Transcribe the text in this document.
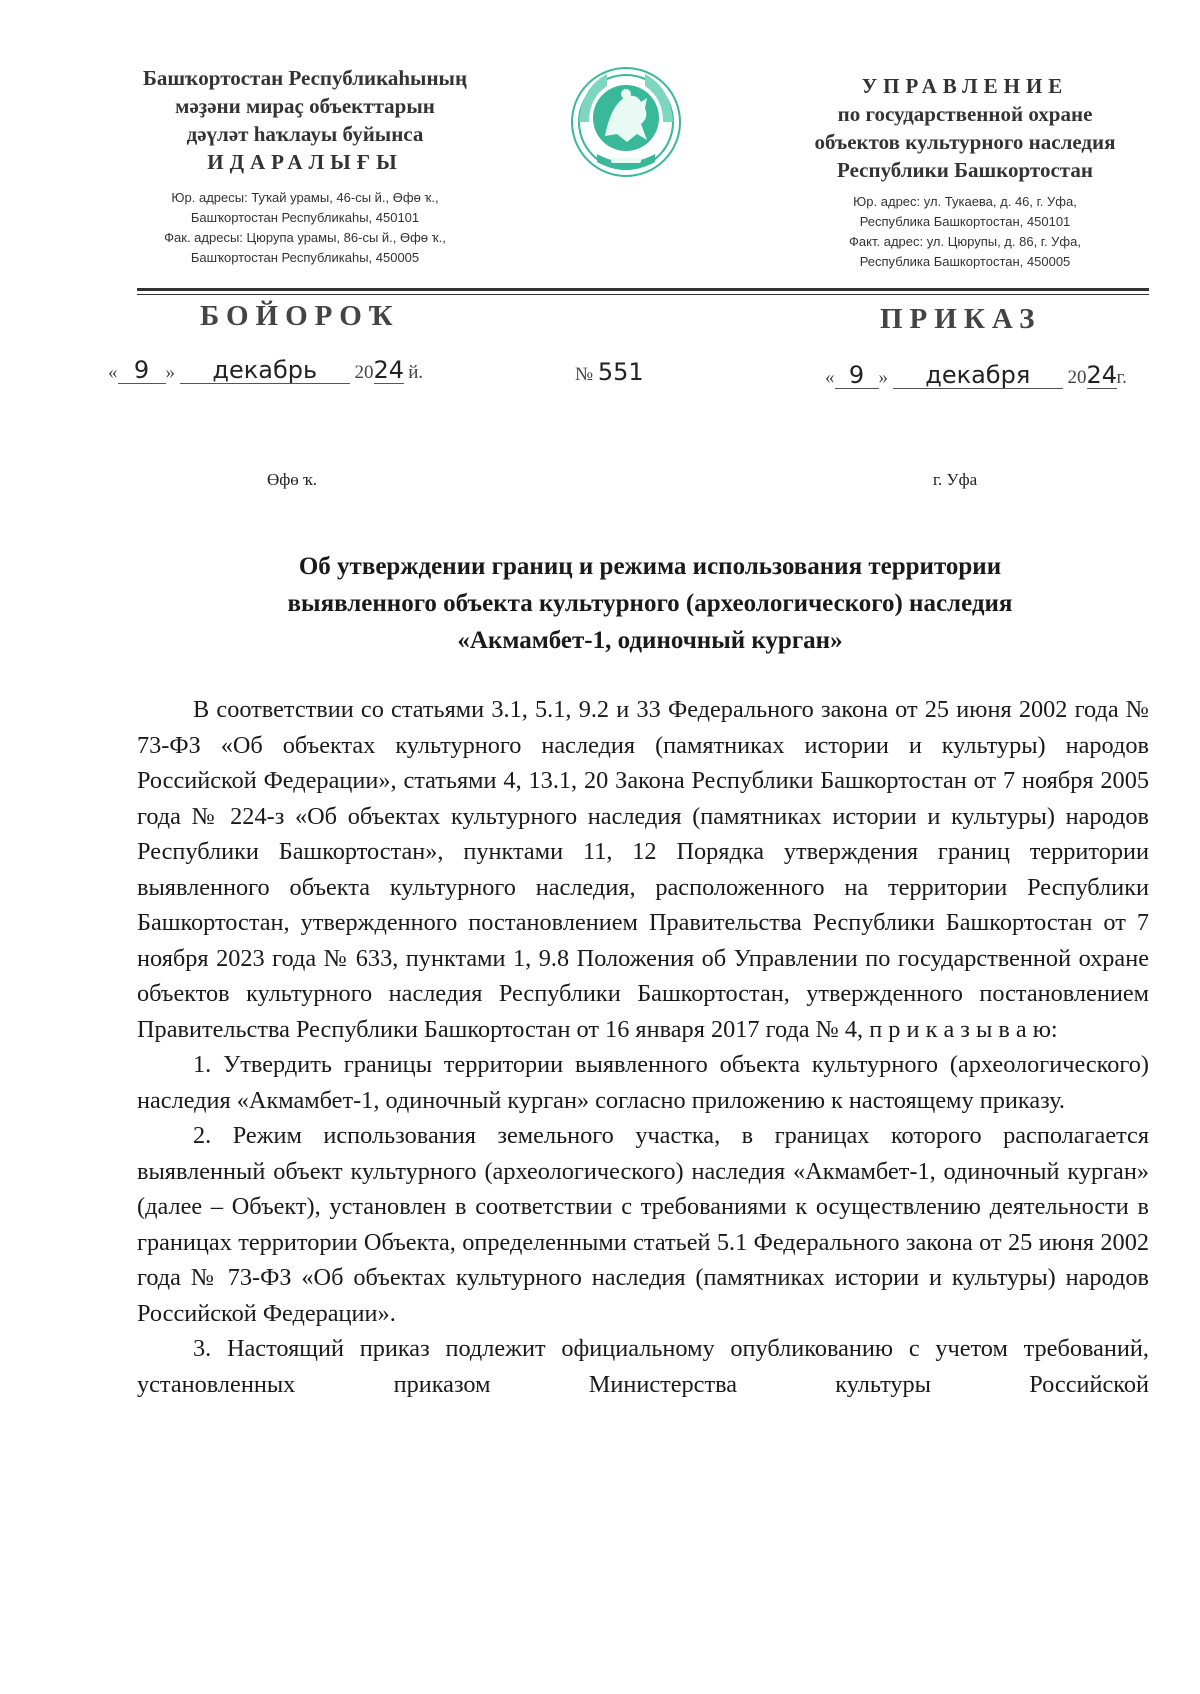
Башҡортостан Республикаһының
мәҙәни мираҫ объекттарын
дәүләт һаҡлауы буйынса
ИДАРАЛЫҒЫ
Юр. адресы: Туҡай урамы, 46-сы й., Өфө ҡ.,
Башҡортостан Республикаһы, 450101
Фак. адресы: Цюрупа урамы, 86-сы й., Өфө ҡ.,
Башҡортостан Республикаһы, 450005
УПРАВЛЕНИЕ
по государственной охране
объектов культурного наследия
Республики Башкортостан
Юр. адрес: ул. Тукаева, д. 46, г. Уфа,
Республика Башкортостан, 450101
Факт. адрес: ул. Цюрупы, д. 86, г. Уфа,
Республика Башкортостан, 450005
БОЙОРОҠ	ПРИКАЗ
« 9 » декабрь 2024 й.	№ 551	« 9 » декабря 2024г.
Өфө ҡ.	г. Уфа
Об утверждении границ и режима использования территории
выявленного объекта культурного (археологического) наследия
«Акмамбет-1, одиночный курган»

В соответствии со статьями 3.1, 5.1, 9.2 и 33 Федерального закона от 25 июня 2002 года № 73-ФЗ «Об объектах культурного наследия (памятниках истории и культуры) народов Российской Федерации», статьями 4, 13.1, 20 Закона Республики Башкортостан от 7 ноября 2005 года № 224-з «Об объектах культурного наследия (памятниках истории и культуры) народов Республики Башкортостан», пунктами 11, 12 Порядка утверждения границ территории выявленного объекта культурного наследия, расположенного на территории Республики Башкортостан, утвержденного постановлением Правительства Республики Башкортостан от 7 ноября 2023 года № 633, пунктами 1, 9.8 Положения об Управлении по государственной охране объектов культурного наследия Республики Башкортостан, утвержденного постановлением Правительства Республики Башкортостан от 16 января 2017 года № 4, п р и к а з ы в а ю:

1. Утвердить границы территории выявленного объекта культурного (археологического) наследия «Акмамбет-1, одиночный курган» согласно приложению к настоящему приказу.

2. Режим использования земельного участка, в границах которого располагается выявленный объект культурного (археологического) наследия «Акмамбет-1, одиночный курган» (далее – Объект), установлен в соответствии с требованиями к осуществлению деятельности в границах территории Объекта, определенными статьей 5.1 Федерального закона от 25 июня 2002 года № 73-ФЗ «Об объектах культурного наследия (памятниках истории и культуры) народов Российской Федерации».

3. Настоящий приказ подлежит официальному опубликованию с учетом требований, установленных приказом Министерства культуры Российской
